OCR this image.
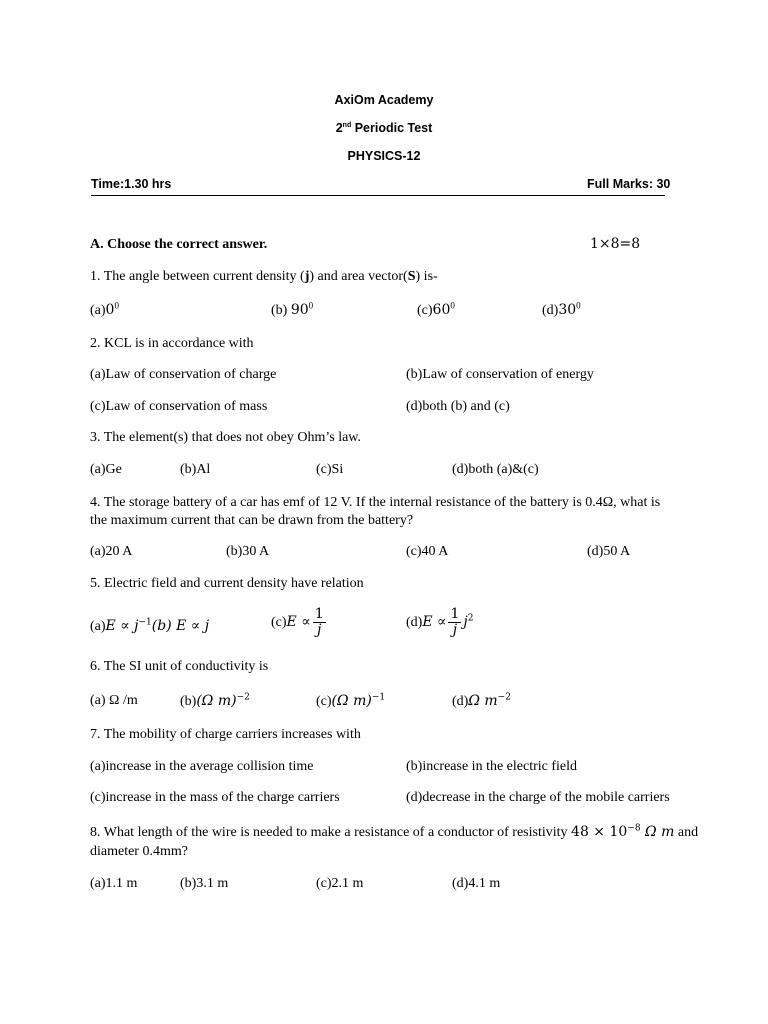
AxiOm Academy
2nd Periodic Test
PHYSICS-12
Time:1.30 hrs	Full Marks: 30
A. Choose the correct answer.	1×8=8
1. The angle between current density (j) and area vector(S) is-
$(a)0^0$	(b) $90^0$	$(c)60^0$	$(d)30^0$
2. KCL is in accordance with
(a)Law of conservation of charge	(b)Law of conservation of energy
(c)Law of conservation of mass	(d)both (b) and (c)
3. The element(s) that does not obey Ohm’s law.
(a)Ge	(b)Al	(c)Si	(d)both (a)&(c)
4. The storage battery of a car has emf of 12 V. If the internal resistance of the battery is 0.4Ω, what is the maximum current that can be drawn from the battery?
(a)20 A	(b)30 A	(c)40 A	(d)50 A
5. Electric field and current density have relation
$(a)E \propto j^{-1}(b) E \propto j$	$(c)E \propto \frac{1}{j}$	$(d)E \propto \frac{1}{j} j^2$
6. The SI unit of conductivity is
(a) Ω /m	(b)(Ω m)$^{-2}$	(c)(Ω m)$^{-1}$	(d)Ω $m^{-2}$
7. The mobility of charge carriers increases with
(a)increase in the average collision time	(b)increase in the electric field
(c)increase in the mass of the charge carriers	(d)decrease in the charge of the mobile carriers
8. What length of the wire is needed to make a resistance of a conductor of resistivity $48 \times 10^{-8}$ Ω m and
diameter 0.4mm?
(a)1.1 m	(b)3.1 m	(c)2.1 m	(d)4.1 m
